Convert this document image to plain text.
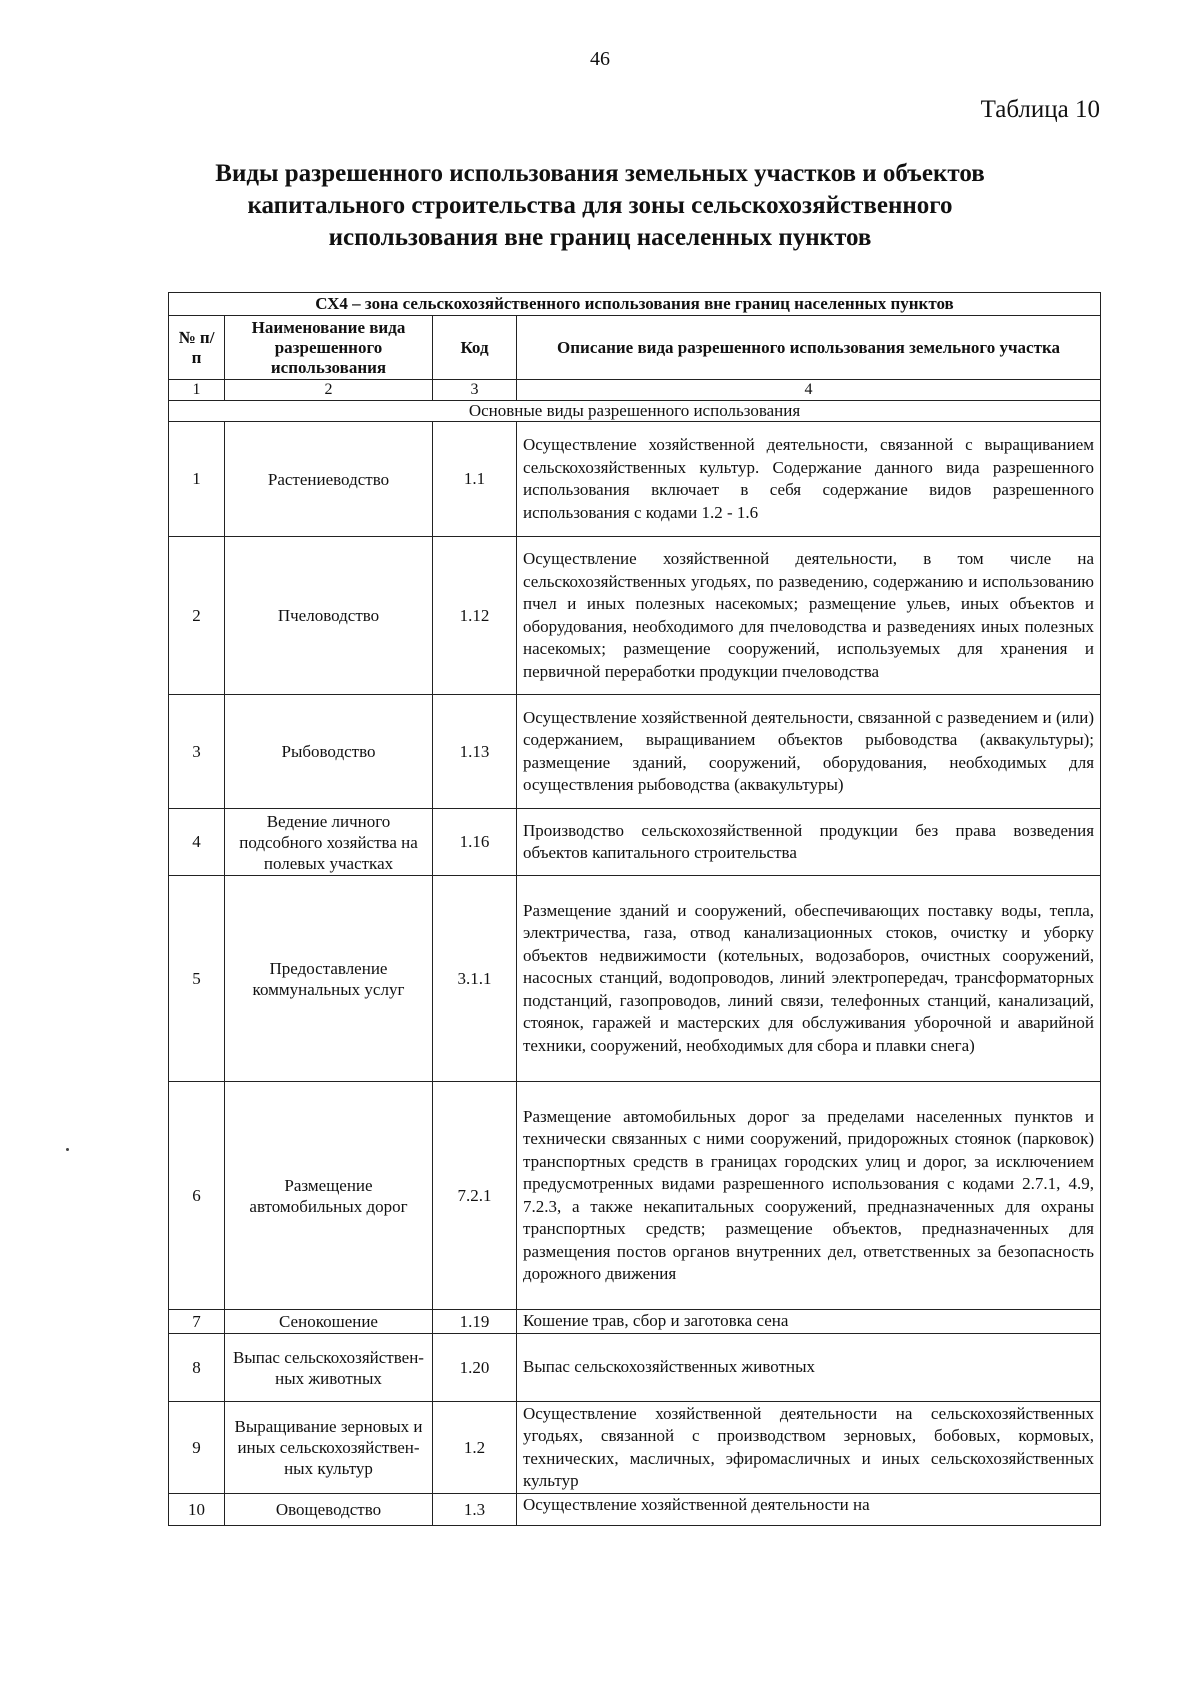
46
Таблица 10
Виды разрешенного использования земельных участков и объектов
капитального строительства для зоны сельскохозяйственного
использования вне границ населенных пунктов
СХ4 – зона сельскохозяйственного использования вне границ населенных пунктов			
№ п/п	Наименование вида разрешенного использования	Код	Описание вида разрешенного использования земельного участка
1	2	3	4
Основные виды разрешенного использования			
1	Растениеводство	1.1	Осуществление хозяйственной деятельности, связанной с выращиванием сельскохозяйственных культур. Содержание данного вида разрешенного использования включает в себя содержание видов разрешенного использования с кодами 1.2 - 1.6
2	Пчеловодство	1.12	Осуществление хозяйственной деятельности, в том числе на сельскохозяйственных угодьях, по разведению, содержанию и использованию пчел и иных полезных насекомых; размещение ульев, иных объектов и оборудования, необходимого для пчеловодства и разведениях иных полезных насекомых; размещение сооружений, используемых для хранения и первичной переработки продукции пчеловодства
3	Рыбоводство	1.13	Осуществление хозяйственной деятельности, связанной с разведением и (или) содержанием, выращиванием объектов рыбоводства (аквакультуры); размещение зданий, сооружений, оборудования, необходимых для осуществления рыбоводства (аквакультуры)
4	Ведение личного подсобного хозяйства на полевых участках	1.16	Производство сельскохозяйственной продукции без права возведения объектов капитального строительства
5	Предоставление коммунальных услуг	3.1.1	Размещение зданий и сооружений, обеспечивающих поставку воды, тепла, электричества, газа, отвод канализационных стоков, очистку и уборку объектов недвижимости (котельных, водозаборов, очистных сооружений, насосных станций, водопроводов, линий электропередач, трансформаторных подстанций, газопроводов, линий связи, телефонных станций, канализаций, стоянок, гаражей и мастерских для обслуживания уборочной и аварийной техники, сооружений, необходимых для сбора и плавки снега)
6	Размещение автомобильных дорог	7.2.1	Размещение автомобильных дорог за пределами населенных пунктов и технически связанных с ними сооружений, придорожных стоянок (парковок) транспортных средств в границах городских улиц и дорог, за исключением предусмотренных видами разрешенного использования с кодами 2.7.1, 4.9, 7.2.3, а также некапитальных сооружений, предназначенных для охраны транспортных средств; размещение объектов, предназначенных для размещения постов органов внутренних дел, ответственных за безопасность дорожного движения
7	Сенокошение	1.19	Кошение трав, сбор и заготовка сена
8	Выпас сельскохозяйствен-ных животных	1.20	Выпас сельскохозяйственных животных
9	Выращивание зерновых и иных сельскохозяйствен-ных культур	1.2	Осуществление хозяйственной деятельности на сельскохозяйственных угодьях, связанной с производством зерновых, бобовых, кормовых, технических, масличных, эфиромасличных и иных сельскохозяйственных культур
10	Овощеводство	1.3	Осуществление хозяйственной деятельности на
